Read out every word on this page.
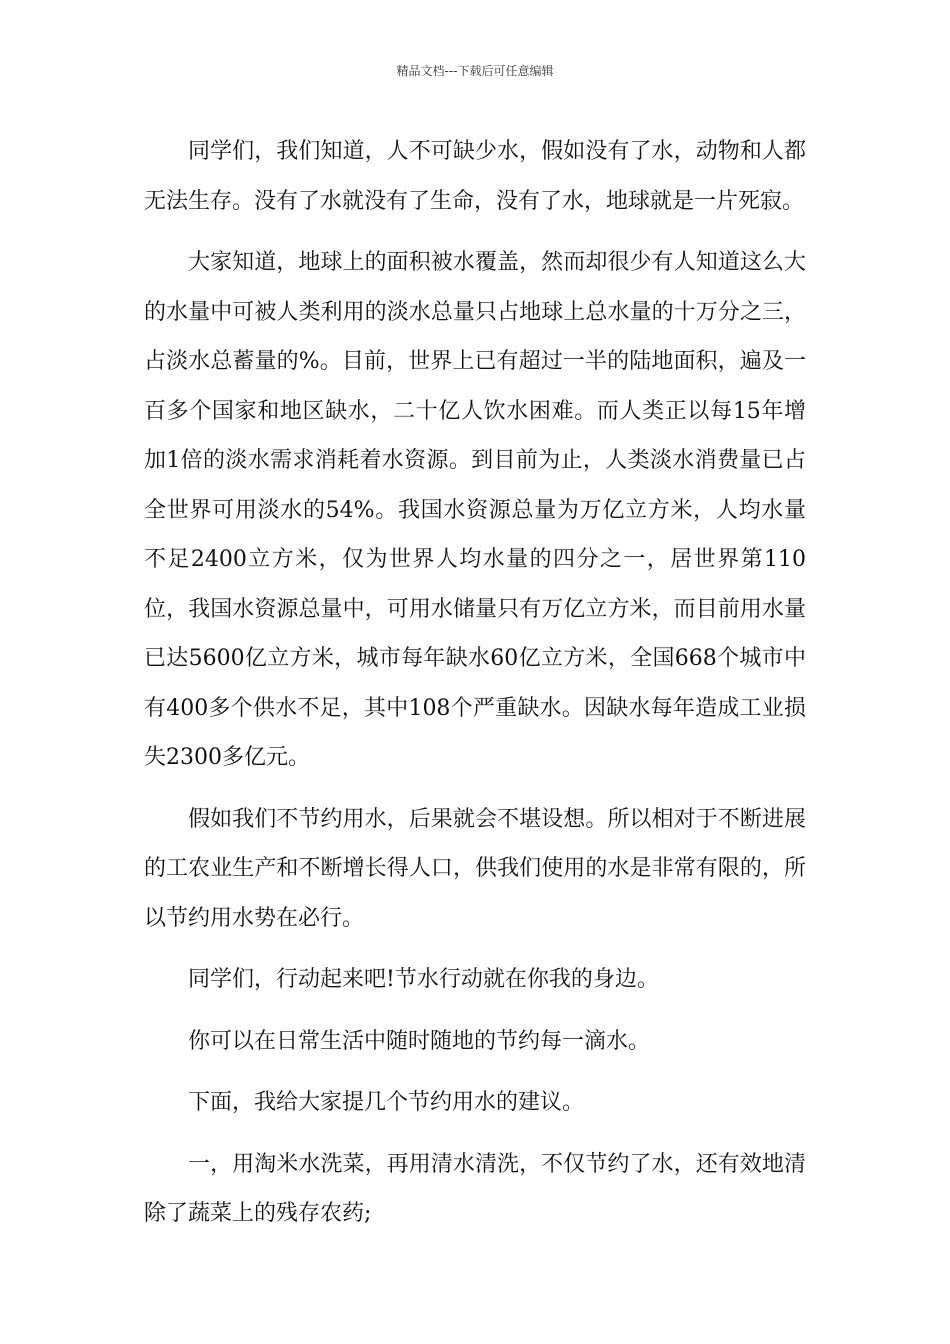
精品文档---下载后可任意编辑

同学们，我们知道，人不可缺少水，假如没有了水，动物和人都无法生存。没有了水就没有了生命，没有了水，地球就是一片死寂。

大家知道，地球上的面积被水覆盖，然而却很少有人知道这么大的水量中可被人类利用的淡水总量只占地球上总水量的十万分之三，占淡水总蓄量的%。目前，世界上已有超过一半的陆地面积，遍及一百多个国家和地区缺水，二十亿人饮水困难。而人类正以每15年增加1倍的淡水需求消耗着水资源。到目前为止，人类淡水消费量已占全世界可用淡水的54%。我国水资源总量为万亿立方米，人均水量不足2400立方米，仅为世界人均水量的四分之一，居世界第110位，我国水资源总量中，可用水储量只有万亿立方米，而目前用水量已达5600亿立方米，城市每年缺水60亿立方米，全国668个城市中有400多个供水不足，其中108个严重缺水。因缺水每年造成工业损失2300多亿元。

假如我们不节约用水，后果就会不堪设想。所以相对于不断进展的工农业生产和不断增长得人口，供我们使用的水是非常有限的，所以节约用水势在必行。

同学们，行动起来吧!节水行动就在你我的身边。

你可以在日常生活中随时随地的节约每一滴水。

下面，我给大家提几个节约用水的建议。

一，用淘米水洗菜，再用清水清洗，不仅节约了水，还有效地清除了蔬菜上的残存农药;
